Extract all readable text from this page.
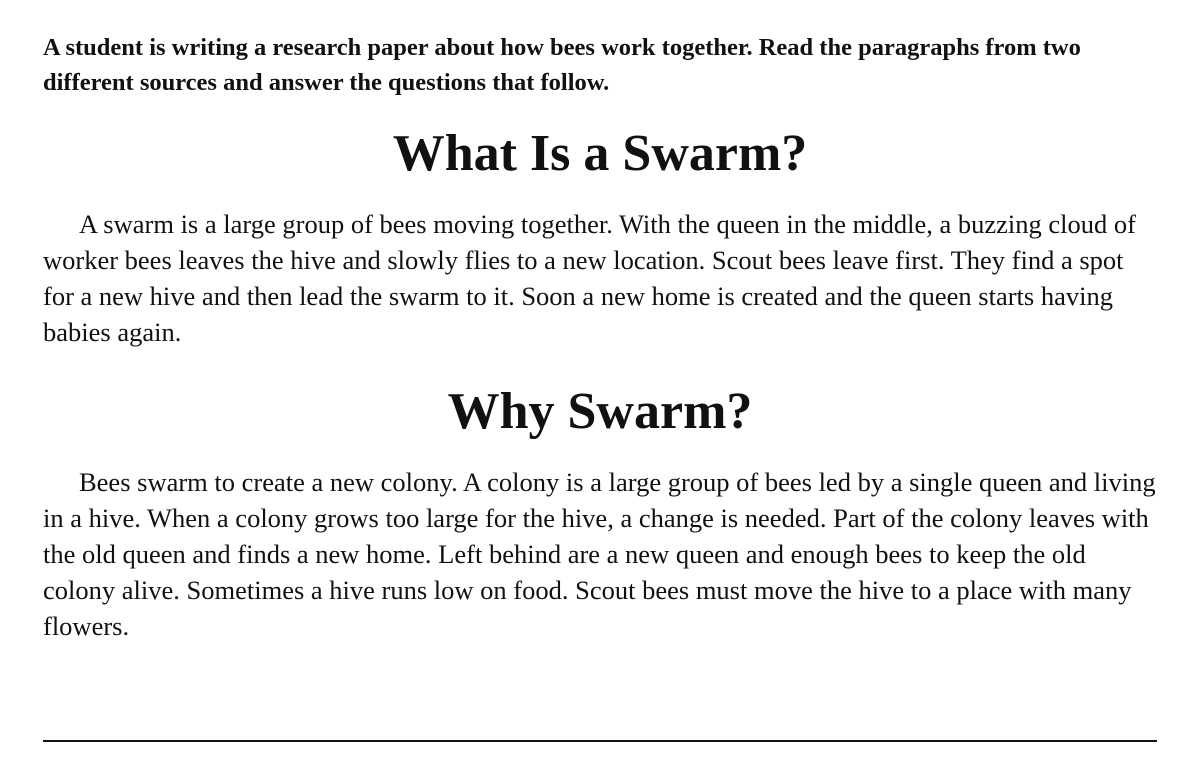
A student is writing a research paper about how bees work together. Read the paragraphs from two different sources and answer the questions that follow.

What Is a Swarm?

A swarm is a large group of bees moving together. With the queen in the middle, a buzzing cloud of worker bees leaves the hive and slowly flies to a new location. Scout bees leave first. They find a spot for a new hive and then lead the swarm to it. Soon a new home is created and the queen starts having babies again.

Why Swarm?

Bees swarm to create a new colony. A colony is a large group of bees led by a single queen and living in a hive. When a colony grows too large for the hive, a change is needed. Part of the colony leaves with the old queen and finds a new home. Left behind are a new queen and enough bees to keep the old colony alive. Sometimes a hive runs low on food. Scout bees must move the hive to a place with many flowers.
